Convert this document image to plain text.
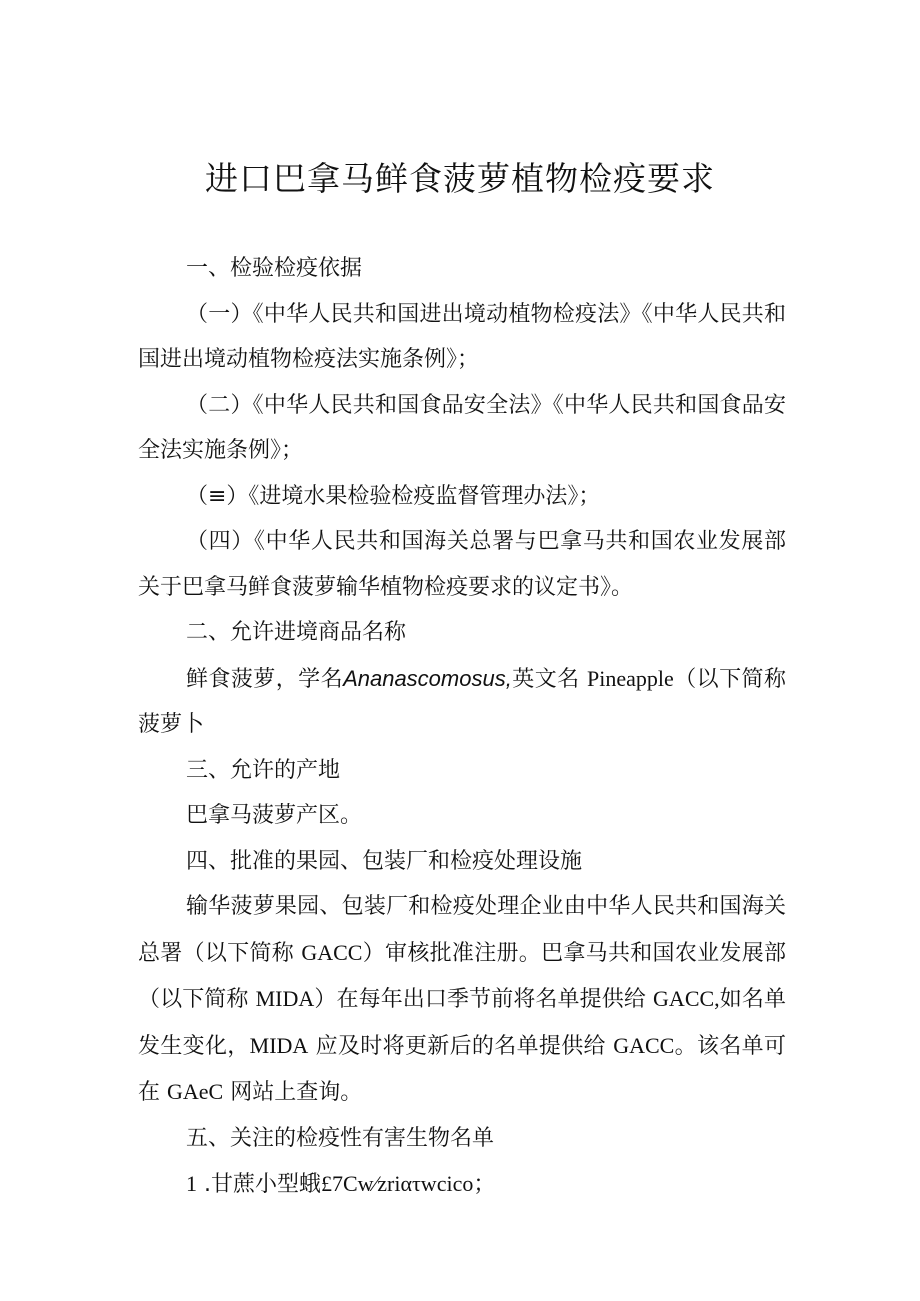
进口巴拿马鲜食菠萝植物检疫要求

一、检验检疫依据

（一）《中华人民共和国进出境动植物检疫法》《中华人民共和国进出境动植物检疫法实施条例》；

（二）《中华人民共和国食品安全法》《中华人民共和国食品安全法实施条例》；

（≡）《进境水果检验检疫监督管理办法》；

（四）《中华人民共和国海关总署与巴拿马共和国农业发展部关于巴拿马鲜食菠萝输华植物检疫要求的议定书》。

二、允许进境商品名称

鲜食菠萝，学名Ananascomosus,英文名 Pineapple（以下简称菠萝卜

三、允许的产地

巴拿马菠萝产区。

四、批准的果园、包装厂和检疫处理设施

输华菠萝果园、包装厂和检疫处理企业由中华人民共和国海关总署（以下简称 GACC）审核批准注册。巴拿马共和国农业发展部（以下简称 MIDA）在每年出口季节前将名单提供给 GACC,如名单发生变化，MIDA 应及时将更新后的名单提供给 GACC。该名单可在 GAeC 网站上查询。

五、关注的检疫性有害生物名单

1 .甘蔗小型蛾£7Cw⁄zriατwcico；
